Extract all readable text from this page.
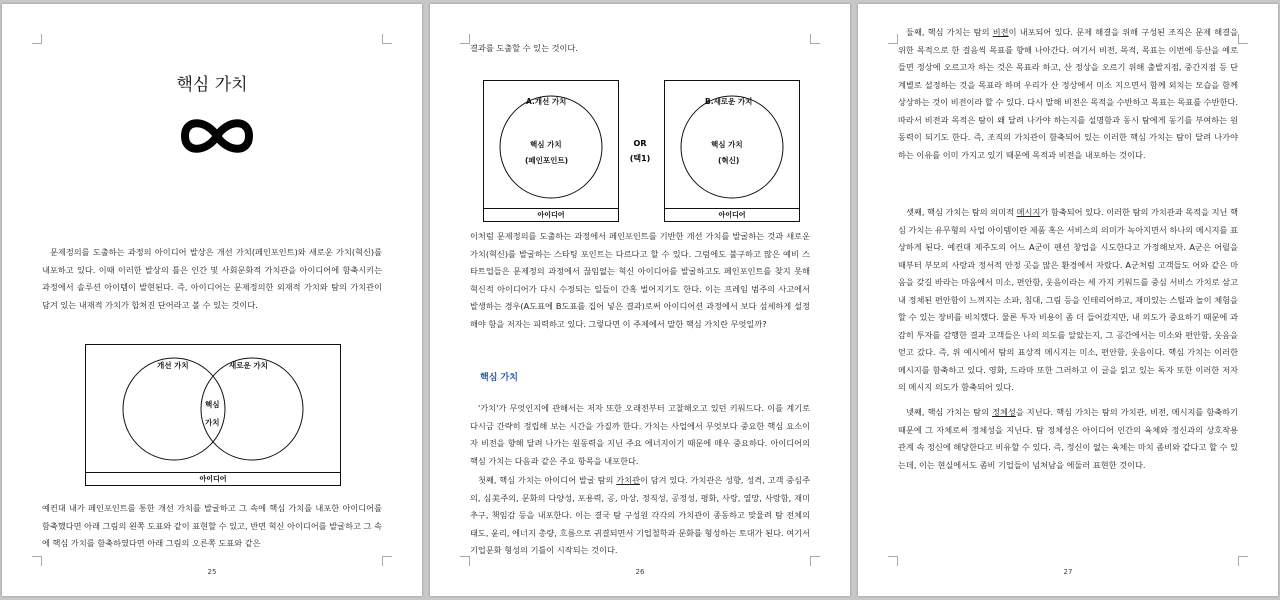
핵심 가치

문제정의를 도출하는 과정의 아이디어 발상은 개선 가치(페인포인트)와 새로운 가치(혁신)를 내포하고 있다. 이때 이러한 발상의 틀은 인간 및 사회문화적 가치관을 아이디어에 함축시키는 과정에서 솔루션 아이템이 발현된다. 즉, 아이디어는 문제정의한 외재적 가치와 탐의 가치관이 담겨 있는 내재적 가치가 합쳐진 단어라고 볼 수 있는 것이다.

개선 가치	새로운 가치
핵심
가치
아이디어

예컨대 내가 페인포인트를 통한 개선 가치를 발굴하고 그 속에 핵심 가치를 내포한 아이디어를 함축했다면 아래 그림의 왼쪽 도표와 같이 표현할 수 있고, 반면 혁신 아이디어를 발굴하고 그 속에 핵심 가치를 함축하였다면 아래 그림의 오른쪽 도표와 같은

25

결과를 도출할 수 있는 것이다.

A.개선 가치
핵심 가치
(페인포인트)
아이디어
OR
(택1)
B.새로운 가치
핵심 가치
(혁신)
아이디어

이처럼 문제정의를 도출하는 과정에서 페인포인트를 기반한 개선 가치를 발굴하는 것과 새로운 가치(혁신)를 발굴하는 스타팅 포인트는 다르다고 할 수 있다. 그럼에도 불구하고 많은 예비 스타트업들은 문제정의 과정에서 끊임없는 혁신 아이디어를 발굴하고도 페인포인트를 찾지 못해 혁신적 아이디어가 다시 수정되는 일들이 간혹 벌어지기도 한다. 이는 프레임 범주의 사고에서 발생하는 경우(A도표에 B도표를 집어 넣은 결과)로써 아이디어션 과정에서 보다 섬세하게 설정해야 함을 저자는 피력하고 있다. 그렇다면 이 주제에서 말한 핵심 가치란 무엇일까?

핵심 가치

'가치'가 무엇인지에 관해서는 저자 또한 오래전부터 고찰해오고 있던 키워드다. 이를 계기로 다시금 간략히 정립해 보는 시간을 가질까 한다. 가치는 사업에서 무엇보다 중요한 핵심 요소이자 비전을 향해 달려 나가는 원동력을 지닌 주요 에너지이기 때문에 매우 중요하다. 아이디어의 핵심 가치는 다음과 같은 주요 항목을 내포한다.

첫째, 핵심 가치는 아이디어 발굴 탐의 가치관이 담겨 있다. 가치관은 성향, 성격, 고객 중심주의, 심美주의, 문화의 다양성, 포용력, 공, 마상, 정직성, 공정성, 평화, 사랑, 열망, 사랑함, 재미 추구, 책임감 등을 내포한다. 이는 결국 탐 구성원 각각의 가치관이 종동하고 맞물려 탐 전체의 태도, 윤리, 에너지 총량, 흐름으로 귀결되면서 기업철학과 문화를 형성하는 토대가 된다. 여기서 기업문화 형성의 기틀이 시작되는 것이다.

26

둘째, 핵심 가치는 탐의 비전이 내포되어 있다. 문제 해결을 위해 구성된 조직은 문제 해결을 위한 목적으로 한 걸음씩 목표를 향해 나아간다. 여기서 비전, 목적, 목표는 이번에 등산을 예로 들면 정상에 오르고자 하는 것은 목표라 하고, 산 정상을 오르기 위해 출발지점, 중간지점 등 단계별로 설정하는 것을 목표라 하며 우리가 산 정상에서 미소 지으면서 함께 외치는 모습을 함께 상상하는 것이 비전이라 할 수 있다. 다시 말해 비전은 목적을 수반하고 목표는 목표를 수반한다. 따라서 비전과 목적은 탐이 왜 달려 나가야 하는지를 설명함과 동시 탐에게 동기를 부여하는 원동력이 되기도 한다. 즉, 조직의 가치관이 함축되어 있는 이러한 핵심 가치는 탐이 달려 나가야 하는 이유를 이미 가지고 있기 때문에 목적과 비전을 내포하는 것이다.

셋째, 핵심 가치는 탐의 의미적 메시지가 함축되어 있다. 이러한 탐의 가치관과 목적을 지닌 핵심 가치는 유무형의 사업 아이템이란 제품 혹은 서비스의 의미가 녹아지면서 하나의 메시지를 표상하게 된다. 예컨대 제주도의 어느 A군이 펜션 창업을 시도한다고 가정해보자. A군은 어릴을 때부터 부모의 사랑과 정서적 안정 곳을 많은 환경에서 자랐다. A군처럼 고객들도 어와 같은 마음을 갖길 바라는 마음에서 미소, 편안함, 웃음이라는 세 가지 키워드를 중심 서비스 가치로 삼고 내 정체된 편안함이 느껴지는 소파, 침대, 그림 등을 인테리어하고, 재미있는 스틸과 놀이 체험을 할 수 있는 장비를 비치했다. 물론 투자 비용이 좀 더 들어갔지만, 내 의도가 중요하기 때문에 과감히 투자를 감행한 결과 고객들은 나의 의도를 알았는지, 그 공간에서는 미소와 편안함, 웃음을 얻고 갔다. 즉, 위 예시에서 탐의 표상적 메시지는 미소, 편안함, 웃음이다. 핵심 가치는 이러한 메시지를 함축하고 있다. 영화, 드라마 또한 그러하고 이 글을 읽고 있는 독자 또한 이러한 저자의 메시지 의도가 함축되어 있다.

넷째, 핵심 가치는 탐의 정체성을 지닌다. 핵심 가치는 탐의 가치관, 비전, 메시지를 함축하기 때문에 그 자체로써 정체성을 지닌다. 탐 정체성은 아이디어 인간의 육체와 정신과의 상호작용 관계 속 정신에 해당한다고 비유할 수 있다. 즉, 정신이 없는 육체는 마치 좀비와 같다고 할 수 있는데, 이는 현실에서도 좀비 기업들이 넘쳐남을 에둘러 표현한 것이다.

27
